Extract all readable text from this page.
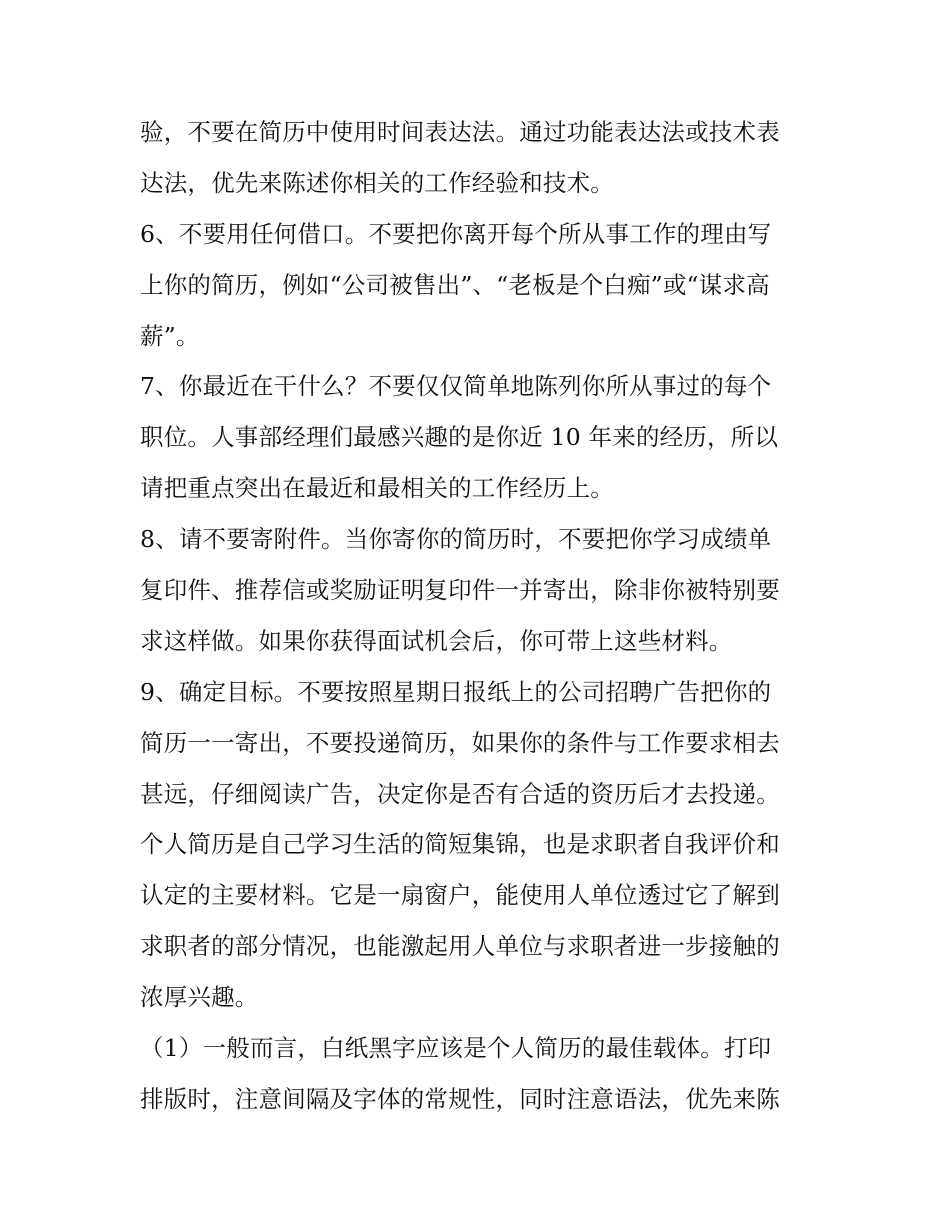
验，不要在简历中使用时间表达法。通过功能表达法或技术表
达法，优先来陈述你相关的工作经验和技术。
6、不要用任何借口。不要把你离开每个所从事工作的理由写
上你的简历，例如“公司被售出”、“老板是个白痴”或“谋求高
薪”。
7、你最近在干什么？不要仅仅简单地陈列你所从事过的每个
职位。人事部经理们最感兴趣的是你近 10 年来的经历，所以
请把重点突出在最近和最相关的工作经历上。
8、请不要寄附件。当你寄你的简历时，不要把你学习成绩单
复印件、推荐信或奖励证明复印件一并寄出，除非你被特别要
求这样做。如果你获得面试机会后，你可带上这些材料。
9、确定目标。不要按照星期日报纸上的公司招聘广告把你的
简历一一寄出，不要投递简历，如果你的条件与工作要求相去
甚远，仔细阅读广告，决定你是否有合适的资历后才去投递。
个人简历是自己学习生活的简短集锦，也是求职者自我评价和
认定的主要材料。它是一扇窗户，能使用人单位透过它了解到
求职者的部分情况，也能激起用人单位与求职者进一步接触的
浓厚兴趣。
（1）一般而言，白纸黑字应该是个人简历的最佳载体。打印
排版时，注意间隔及字体的常规性，同时注意语法，优先来陈
